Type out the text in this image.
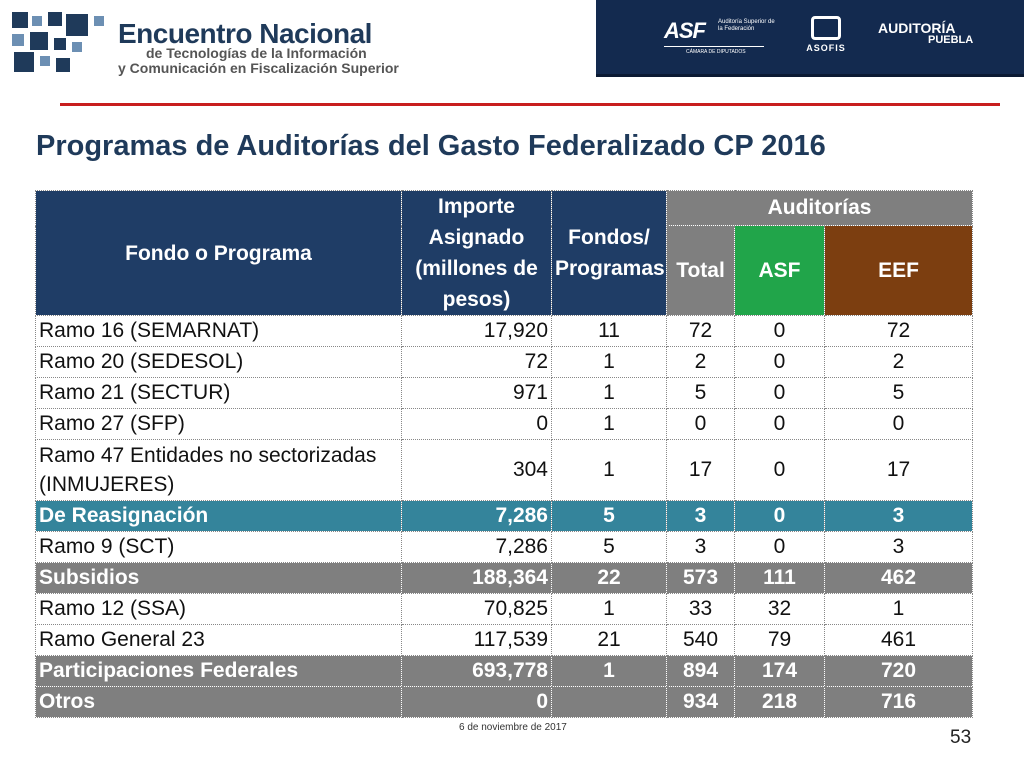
Encuentro Nacional
de Tecnologías de la Información
y Comunicación en Fiscalización Superior
ASF Auditoría Superior de la Federación
CÁMARA DE DIPUTADOS	ASOFIS
AUDITORÍA
PUEBLA
Programas de Auditorías del Gasto Federalizado CP 2016
Fondo o Programa	Importe Asignado (millones de pesos)	Fondos/ Programas	Auditorías		
			Total	ASF	EEF
Ramo 16 (SEMARNAT)	17,920	11	72	0	72
Ramo 20 (SEDESOL)	72	1	2	0	2
Ramo 21 (SECTUR)	971	1	5	0	5
Ramo 27 (SFP)	0	1	0	0	0
Ramo 47 Entidades no sectorizadas (INMUJERES)	304	1	17	0	17
De Reasignación	7,286	5	3	0	3
Ramo 9 (SCT)	7,286	5	3	0	3
Subsidios	188,364	22	573	111	462
Ramo 12 (SSA)	70,825	1	33	32	1
Ramo General 23	117,539	21	540	79	461
Participaciones Federales	693,778	1	894	174	720
Otros	0		934	218	716
6 de noviembre de 2017	53
